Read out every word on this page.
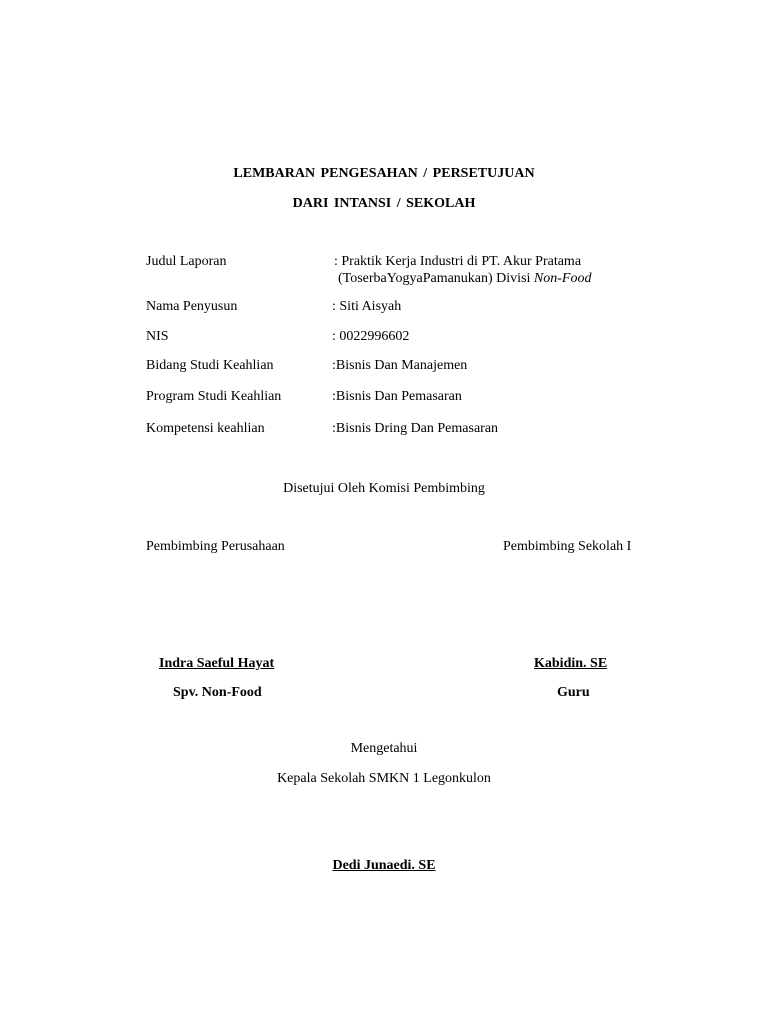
LEMBARAN PENGESAHAN / PERSETUJUAN
DARI INTANSI / SEKOLAH
Judul Laporan	: Praktik Kerja Industri di PT. Akur Pratama
(ToserbaYogyaPamanukan) Divisi Non-Food
Nama Penyusun	: Siti Aisyah
NIS	: 0022996602
Bidang Studi Keahlian	:Bisnis Dan Manajemen
Program Studi Keahlian	:Bisnis Dan Pemasaran
Kompetensi keahlian	:Bisnis Dring Dan Pemasaran
Disetujui Oleh Komisi Pembimbing
Pembimbing Perusahaan	Pembimbing Sekolah I
Indra Saeful Hayat	Kabidin. SE
Spv. Non-Food	Guru
Mengetahui
Kepala Sekolah SMKN 1 Legonkulon
Dedi Junaedi. SE
